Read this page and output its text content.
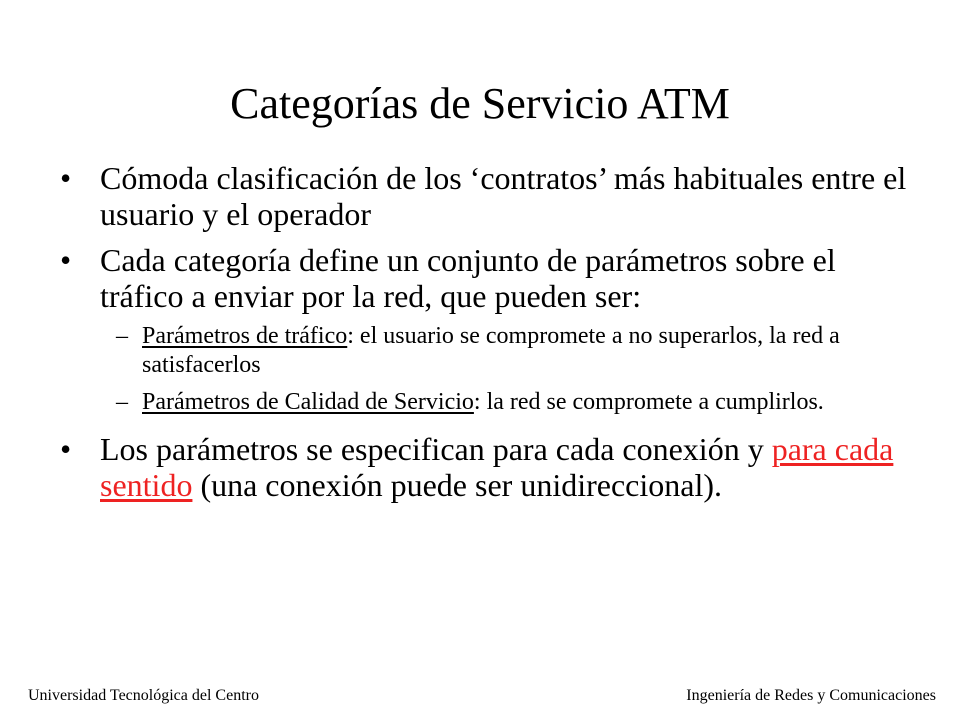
Categorías de Servicio ATM
• Cómoda clasificación de los ‘contratos’ más habituales entre el usuario y el operador
• Cada categoría define un conjunto de parámetros sobre el tráfico a enviar por la red, que pueden ser:
– Parámetros de tráfico: el usuario se compromete a no superarlos, la red a satisfacerlos
– Parámetros de Calidad de Servicio: la red se compromete a cumplirlos.
• Los parámetros se especifican para cada conexión y para cada sentido (una conexión puede ser unidireccional).
Universidad Tecnológica del Centro	Ingeniería de Redes y Comunicaciones
